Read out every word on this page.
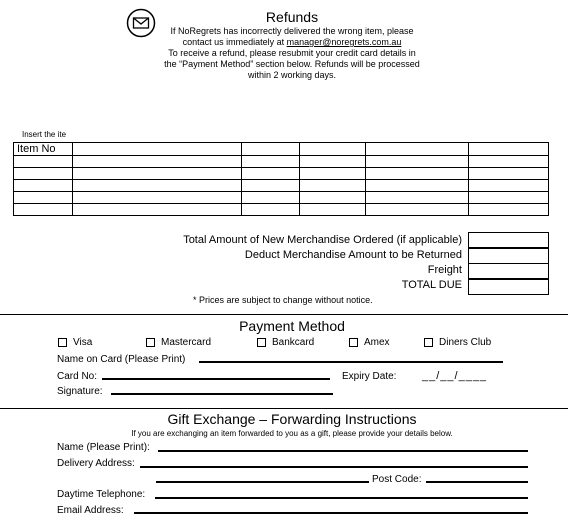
Refunds
If NoRegrets has incorrectly delivered the wrong item, please
contact us immediately at manager@noregrets.com.au
To receive a refund, please resubmit your credit card details in
the “Payment Method” section below. Refunds will be processed
within 2 working days.
Insert the ite
Item No					

Total Amount of New Merchandise Ordered (if applicable)
Deduct Merchandise Amount to be Returned
Freight
TOTAL DUE
* Prices are subject to change without notice.
Payment Method
Visa	Mastercard	Bankcard	Amex	Diners Club
Name on Card (Please Print)
Card No:	Expiry Date: __/__/____
Signature:
Gift Exchange – Forwarding Instructions
If you are exchanging an item forwarded to you as a gift, please provide your details below.
Name (Please Print):
Delivery Address:
Post Code:
Daytime Telephone:
Email Address:
